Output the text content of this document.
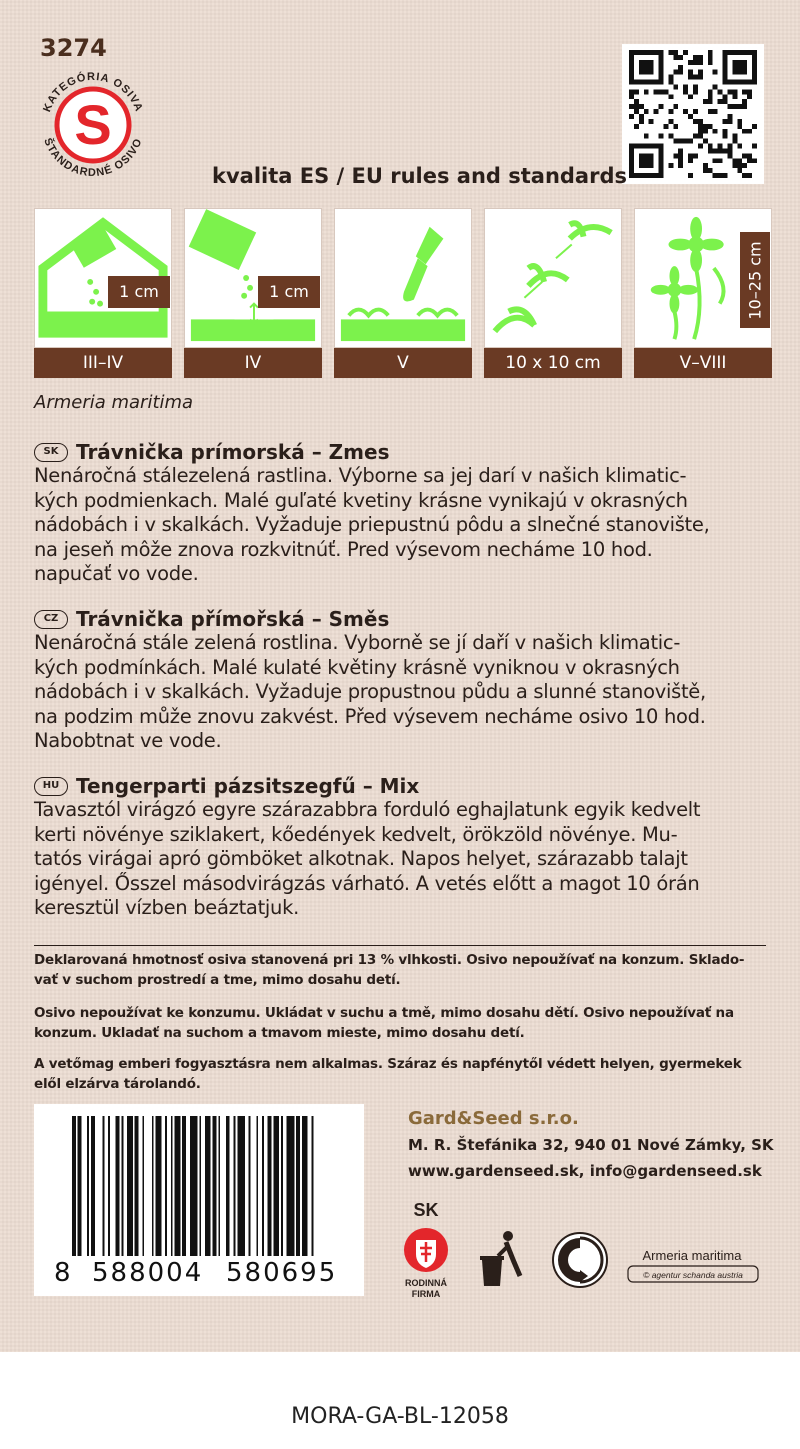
3274
S
KATEGÓRIA OSIVA
ŠTANDARDNÉ OSIVO
kvalita ES / EU rules and standards
1 cm
III–IV
1 cm
IV	V	10 x 10 cm	V–VIII
10–25 cm
Armeria maritima
SK Trávnička prímorská – Zmes

Nenáročná stálezelená rastlina. Výborne sa jej darí v našich klimatic-
kých podmienkach. Malé guľaté kvetiny krásne vynikajú v okrasných
nádobách i v skalkách. Vyžaduje priepustnú pôdu a slnečné stanovište,
na jeseň môže znova rozkvitnúť. Pred výsevom necháme 10 hod.
napučať vo vode.

CZ Trávnička přímořská – Směs

Nenáročná stále zelená rostlina. Vyborně se jí daří v našich klimatic-
kých podmínkách. Malé kulaté květiny krásně vyniknou v okrasných
nádobách i v skalkách. Vyžaduje propustnou půdu a slunné stanoviště,
na podzim může znovu zakvést. Před výsevem necháme osivo 10 hod.
Nabobtnat ve vode.

HU Tengerparti pázsitszegfű – Mix

Tavasztól virágzó egyre szárazabbra forduló eghajlatunk egyik kedvelt
kerti növénye sziklakert, kőedények kedvelt, örökzöld növénye. Mu-
tatós virágai apró gömböket alkotnak. Napos helyet, szárazabb talajt
igényel. Ősszel másodvirágzás várható. A vetés előtt a magot 10 órán
keresztül vízben beáztatjuk.

Deklarovaná hmotnosť osiva stanovená pri 13 % vlhkosti. Osivo nepoužívať na konzum. Sklado-
vať v suchom prostredí a tme, mimo dosahu detí.
Osivo nepoužívat ke konzumu. Ukládat v suchu a tmě, mimo dosahu dětí. Osivo nepoužívať na
konzum. Ukladať na suchom a tmavom mieste, mimo dosahu detí.
A vetőmag emberi fogyasztásra nem alkalmas. Száraz és napfénytől védett helyen, gyermekek
elől elzárva tárolandó.
8 588004 580695
Gard&Seed s.r.o.
M. R. Štefánika 32, 940 01 Nové Zámky, SK
www.gardenseed.sk, info@gardenseed.sk
SK
RODINNÁ
FIRMA
Armeria maritima
© agentur schanda austria
MORA-GA-BL-12058
